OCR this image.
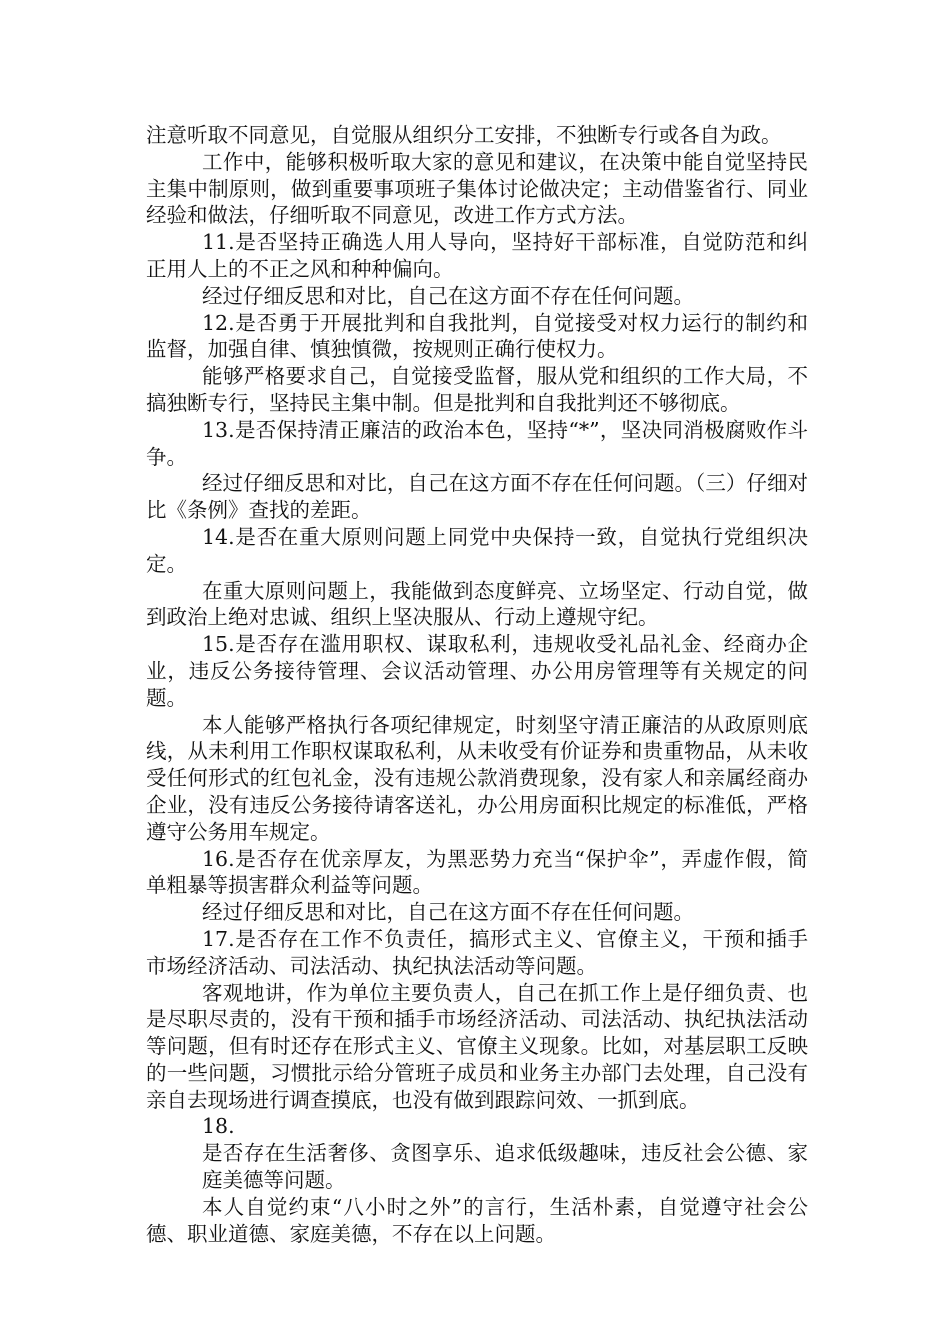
注意听取不同意见，自觉服从组织分工安排，不独断专行或各自为政。

工作中，能够积极听取大家的意见和建议，在决策中能自觉坚持民主集中制原则，做到重要事项班子集体讨论做决定；主动借鉴省行、同业经验和做法，仔细听取不同意见，改进工作方式方法。

11.是否坚持正确选人用人导向，坚持好干部标准，自觉防范和纠正用人上的不正之风和种种偏向。

经过仔细反思和对比，自己在这方面不存在任何问题。

12.是否勇于开展批判和自我批判，自觉接受对权力运行的制约和监督，加强自律、慎独慎微，按规则正确行使权力。

能够严格要求自己，自觉接受监督，服从党和组织的工作大局，不搞独断专行，坚持民主集中制。但是批判和自我批判还不够彻底。

13.是否保持清正廉洁的政治本色，坚持“*”，坚决同消极腐败作斗争。

经过仔细反思和对比，自己在这方面不存在任何问题。（三）仔细对比《条例》查找的差距。

14.是否在重大原则问题上同党中央保持一致，自觉执行党组织决定。

在重大原则问题上，我能做到态度鲜亮、立场坚定、行动自觉，做到政治上绝对忠诚、组织上坚决服从、行动上遵规守纪。

15.是否存在滥用职权、谋取私利，违规收受礼品礼金、经商办企业，违反公务接待管理、会议活动管理、办公用房管理等有关规定的问题。

本人能够严格执行各项纪律规定，时刻坚守清正廉洁的从政原则底线，从未利用工作职权谋取私利，从未收受有价证券和贵重物品，从未收受任何形式的红包礼金，没有违规公款消费现象，没有家人和亲属经商办企业，没有违反公务接待请客送礼，办公用房面积比规定的标准低，严格遵守公务用车规定。

16.是否存在优亲厚友，为黑恶势力充当“保护伞”，弄虚作假，简单粗暴等损害群众利益等问题。

经过仔细反思和对比，自己在这方面不存在任何问题。

17.是否存在工作不负责任，搞形式主义、官僚主义，干预和插手市场经济活动、司法活动、执纪执法活动等问题。

客观地讲，作为单位主要负责人，自己在抓工作上是仔细负责、也是尽职尽责的，没有干预和插手市场经济活动、司法活动、执纪执法活动等问题，但有时还存在形式主义、官僚主义现象。比如，对基层职工反映的一些问题，习惯批示给分管班子成员和业务主办部门去处理，自己没有亲自去现场进行调查摸底，也没有做到跟踪问效、一抓到底。

18.

是否存在生活奢侈、贪图享乐、追求低级趣味，违反社会公德、家庭美德等问题。

本人自觉约束“八小时之外”的言行，生活朴素，自觉遵守社会公德、职业道德、家庭美德，不存在以上问题。
